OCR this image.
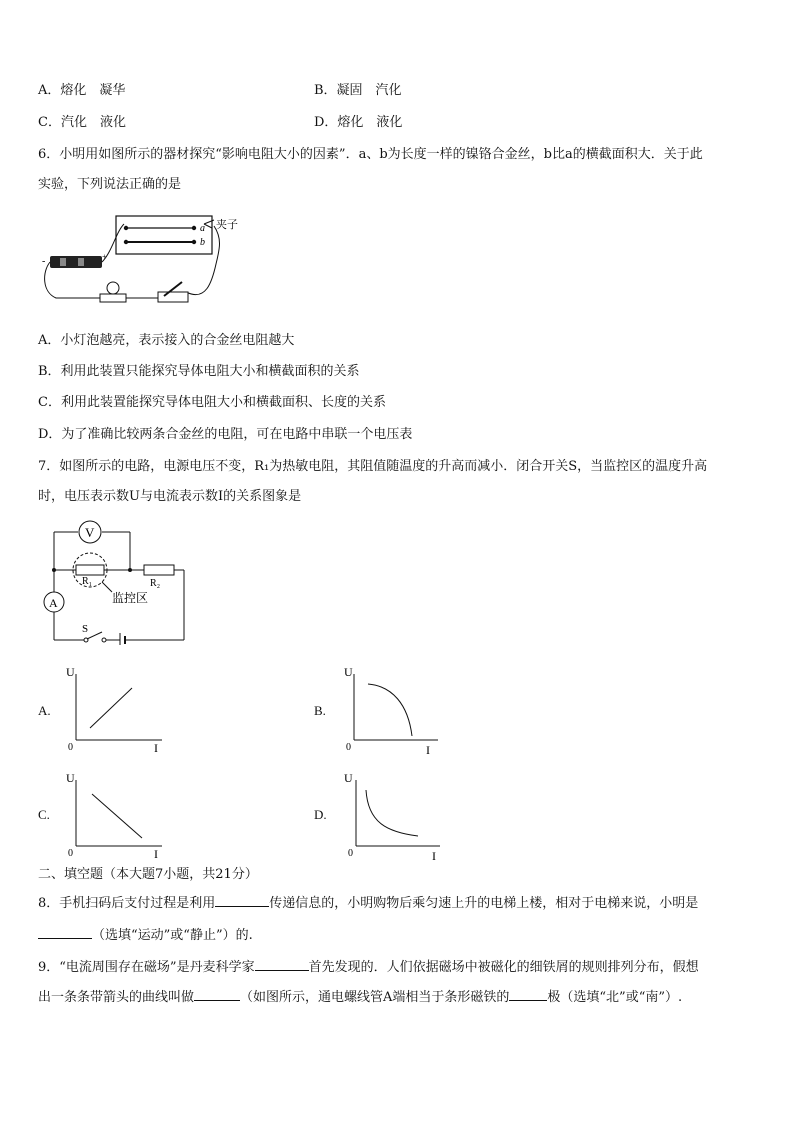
A．熔化　凝华	B．凝固　汽化
C．汽化　液化	D．熔化　液化
6．小明用如图所示的器材探究“影响电阻大小的因素”．a、b为长度一样的镍铬合金丝，b比a的横截面积大．关于此
实验，下列说法正确的是
a
b
夹子
-	+
A．小灯泡越亮，表示接入的合金丝电阻越大
B．利用此装置只能探究导体电阻大小和横截面积的关系
C．利用此装置能探究导体电阻大小和横截面积、长度的关系
D．为了准确比较两条合金丝的电阻，可在电路中串联一个电压表
7．如图所示的电路，电源电压不变，R₁为热敏电阻，其阻值随温度的升高而减小．闭合开关S，当监控区的温度升高
时，电压表示数U与电流表示数I的关系图象是
V
R₁	R₂
监控区
A
S
A.
U
0	I
B.
U
0	I
C.
U
0	I
D.
U
0	I
二、填空题（本大题7小题，共21分）
8．手机扫码后支付过程是利用	传递信息的，小明购物后乘匀速上升的电梯上楼，相对于电梯来说，小明是
（选填“运动”或“静止”）的.
9．“电流周围存在磁场”是丹麦科学家	首先发现的．人们依据磁场中被磁化的细铁屑的规则排列分布，假想
出一条条带箭头的曲线叫做	（如图所示，通电螺线管A端相当于条形磁铁的	极（选填“北”或“南”）.
